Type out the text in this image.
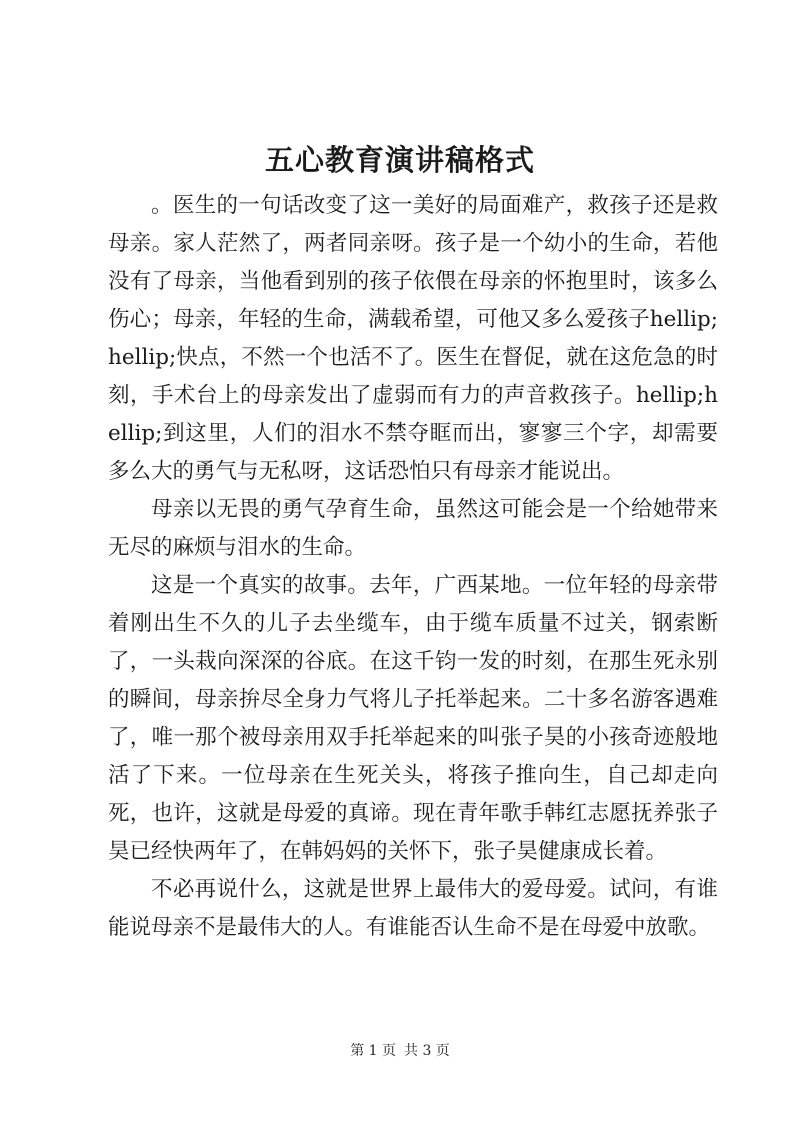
五心教育演讲稿格式

。医生的一句话改变了这一美好的局面难产，救孩子还是救母亲。家人茫然了，两者同亲呀。孩子是一个幼小的生命，若他没有了母亲，当他看到别的孩子依偎在母亲的怀抱里时，该多么伤心；母亲，年轻的生命，满载希望，可他又多么爱孩子hellip;hellip;快点，不然一个也活不了。医生在督促，就在这危急的时刻，手术台上的母亲发出了虚弱而有力的声音救孩子。hellip;hellip;到这里，人们的泪水不禁夺眶而出，寥寥三个字，却需要多么大的勇气与无私呀，这话恐怕只有母亲才能说出。

母亲以无畏的勇气孕育生命，虽然这可能会是一个给她带来无尽的麻烦与泪水的生命。

这是一个真实的故事。去年，广西某地。一位年轻的母亲带着刚出生不久的儿子去坐缆车，由于缆车质量不过关，钢索断了，一头栽向深深的谷底。在这千钧一发的时刻，在那生死永别的瞬间，母亲拚尽全身力气将儿子托举起来。二十多名游客遇难了，唯一那个被母亲用双手托举起来的叫张子昊的小孩奇迹般地活了下来。一位母亲在生死关头，将孩子推向生，自己却走向死，也许，这就是母爱的真谛。现在青年歌手韩红志愿抚养张子昊已经快两年了，在韩妈妈的关怀下，张子昊健康成长着。

不必再说什么，这就是世界上最伟大的爱母爱。试问，有谁能说母亲不是最伟大的人。有谁能否认生命不是在母爱中放歌。

第 1 页 共 3 页
